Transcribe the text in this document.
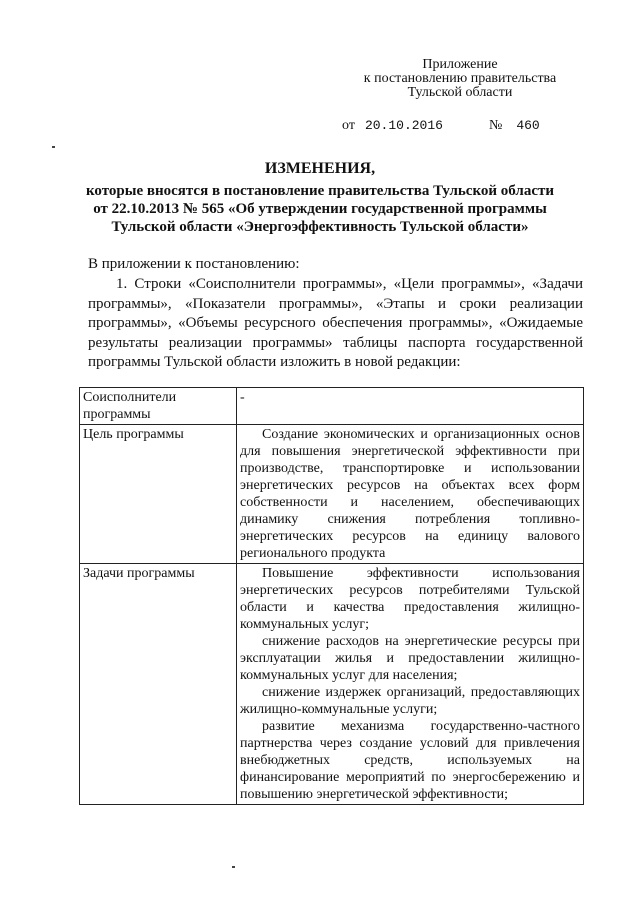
Приложение
к постановлению правительства
Тульской области
от 20.10.2016	№ 460
ИЗМЕНЕНИЯ,
которые вносятся в постановление правительства Тульской области
от 22.10.2013 № 565 «Об утверждении государственной программы
Тульской области «Энергоэффективность Тульской области»
В приложении к постановлению:
1. Строки «Соисполнители программы», «Цели программы», «Задачи программы», «Показатели программы», «Этапы и сроки реализации программы», «Объемы ресурсного обеспечения программы», «Ожидаемые результаты реализации программы» таблицы паспорта государственной программы Тульской области изложить в новой редакции:
Соисполнители программы	-
Цель программы	Создание экономических и организационных основ для повышения энергетической эффективности при производстве, транспортировке и использовании энергетических ресурсов на объектах всех форм собственности и населением, обеспечивающих динамику снижения потребления топливно-энергетических ресурсов на единицу валового регионального продукта

Задачи программы	Повышение эффективности использования энергетических ресурсов потребителями Тульской области и качества предоставления жилищно-коммунальных услуг;

снижение расходов на энергетические ресурсы при эксплуатации жилья и предоставлении жилищно-коммунальных услуг для населения;

снижение издержек организаций, предоставляющих жилищно-коммунальные услуги;

развитие механизма государственно-частного партнерства через создание условий для привлечения внебюджетных средств, используемых на финансирование мероприятий по энергосбережению и повышению энергетической эффективности;
